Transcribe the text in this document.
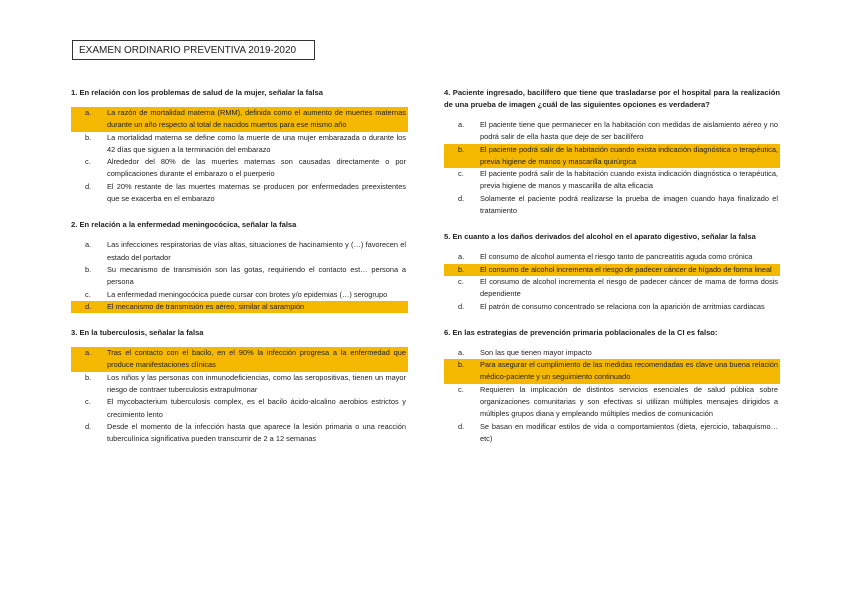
EXAMEN ORDINARIO PREVENTIVA 2019-2020
1. En relación con los problemas de salud de la mujer, señalar la falsa
a.	La razón de mortalidad materna (RMM), definida como el aumento de muertes maternas durante un año respecto al total de nacidos muertos para ese mismo año
b.	La mortalidad materna se define como la muerte de una mujer embarazada o durante los 42 días que siguen a la terminación del embarazo
c.	Alrededor del 80% de las muertes maternas son causadas directamente o por complicaciones durante el embarazo o el puerperio
d.	El 20% restante de las muertes maternas se producen por enfermedades preexistentes que se exacerba en el embarazo
2. En relación a la enfermedad meningocócica, señalar la falsa
a.	Las infecciones respiratorias de vías altas, situaciones de hacinamiento y (…) favorecen el estado del portador
b.	Su mecanismo de transmisión son las gotas, requiriendo el contacto est… persona a persona
c.	La enfermedad meningocócica puede cursar con brotes y/o epidemias (…) serogrupo
d.	El mecanismo de transmisión es aéreo, similar al sarampión
3. En la tuberculosis, señalar la falsa
a.	Tras el contacto con el bacilo, en el 90% la infección progresa a la enfermedad que produce manifestaciones clínicas
b.	Los niños y las personas con inmunodeficiencias, como las seropositivas, tienen un mayor riesgo de contraer tuberculosis extrapulmonar
c.	El mycobacterium tuberculosis complex, es el bacilo ácido-alcalino aerobios estrictos y crecimiento lento
d.	Desde el momento de la infección hasta que aparece la lesión primaria o una reacción tuberculínica significativa pueden transcurrir de 2 a 12 semanas
4. Paciente ingresado, bacilífero que tiene que trasladarse por el hospital para la realización de una prueba de imagen ¿cuál de las siguientes opciones es verdadera?
a.	El paciente tiene que permanecer en la habitación con medidas de aislamiento aéreo y no podrá salir de ella hasta que deje de ser bacilífero
b.	El paciente podrá salir de la habitación cuando exista indicación diagnóstica o terapéutica, previa higiene de manos y mascarilla quirúrgica
c.	El paciente podrá salir de la habitación cuando exista indicación diagnóstica o terapéutica, previa higiene de manos y mascarilla de alta eficacia
d.	Solamente el paciente podrá realizarse la prueba de imagen cuando haya finalizado el tratamiento
5. En cuanto a los daños derivados del alcohol en el aparato digestivo, señalar la falsa
a.	El consumo de alcohol aumenta el riesgo tanto de pancreatitis aguda como crónica
b.	El consumo de alcohol incrementa el riesgo de padecer cáncer de hígado de forma lineal
c.	El consumo de alcohol incrementa el riesgo de padecer cáncer de mama de forma dosis dependiente
d.	El patrón de consumo concentrado se relaciona con la aparición de arritmias cardiacas
6. En las estrategias de prevención primaria poblacionales de la CI es falso:
a.	Son las que tienen mayor impacto
b.	Para asegurar el cumplimiento de las medidas recomendadas es clave una buena relación médico-paciente y un seguimiento continuado
c.	Requieren la implicación de distintos servicios esenciales de salud pública sobre organizaciones comunitarias y son efectivas si utilizan múltiples mensajes dirigidos a múltiples grupos diana y empleando múltiples medios de comunicación
d.	Se basan en modificar estilos de vida o comportamientos (dieta, ejercicio, tabaquismo…etc)
